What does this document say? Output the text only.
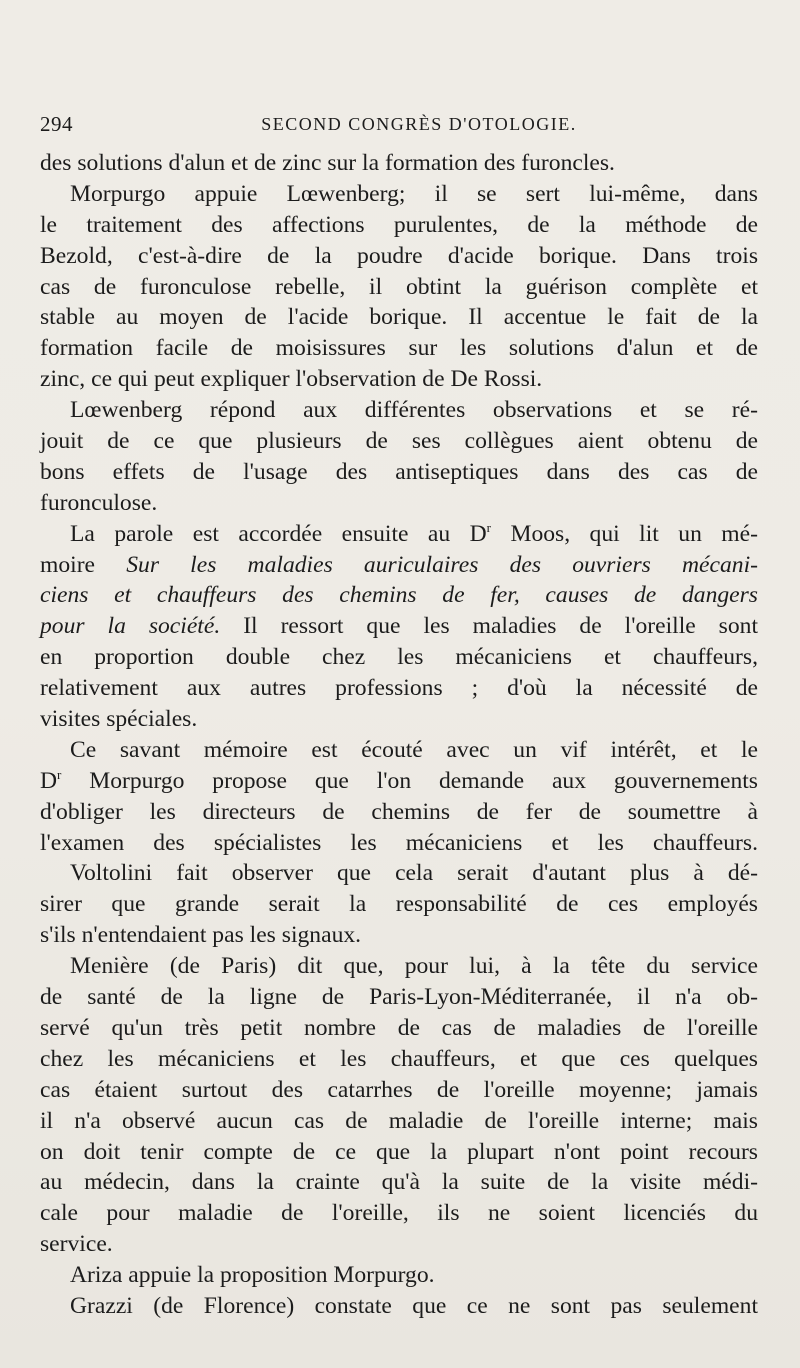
294	SECOND CONGRÈS D'OTOLOGIE.
des solutions d'alun et de zinc sur la formation des furoncles.
Morpurgo appuie Lœwenberg; il se sert lui-même, dans
le traitement des affections purulentes, de la méthode de
Bezold, c'est-à-dire de la poudre d'acide borique. Dans trois
cas de furonculose rebelle, il obtint la guérison complète et
stable au moyen de l'acide borique. Il accentue le fait de la
formation facile de moisissures sur les solutions d'alun et de
zinc, ce qui peut expliquer l'observation de De Rossi.
Lœwenberg répond aux différentes observations et se ré-
jouit de ce que plusieurs de ses collègues aient obtenu de
bons effets de l'usage des antiseptiques dans des cas de
furonculose.
La parole est accordée ensuite au $D^r$ Moos, qui lit un mé-
moire Sur les maladies auriculaires des ouvriers mécani-
ciens et chauffeurs des chemins de fer, causes de dangers
pour la société. Il ressort que les maladies de l'oreille sont
en proportion double chez les mécaniciens et chauffeurs,
relativement aux autres professions ; d'où la nécessité de
visites spéciales.
Ce savant mémoire est écouté avec un vif intérêt, et le
$D^r$ Morpurgo propose que l'on demande aux gouvernements
d'obliger les directeurs de chemins de fer de soumettre à
l'examen des spécialistes les mécaniciens et les chauffeurs.
Voltolini fait observer que cela serait d'autant plus à dé-
sirer que grande serait la responsabilité de ces employés
s'ils n'entendaient pas les signaux.
Menière (de Paris) dit que, pour lui, à la tête du service
de santé de la ligne de Paris-Lyon-Méditerranée, il n'a ob-
servé qu'un très petit nombre de cas de maladies de l'oreille
chez les mécaniciens et les chauffeurs, et que ces quelques
cas étaient surtout des catarrhes de l'oreille moyenne; jamais
il n'a observé aucun cas de maladie de l'oreille interne; mais
on doit tenir compte de ce que la plupart n'ont point recours
au médecin, dans la crainte qu'à la suite de la visite médi-
cale pour maladie de l'oreille, ils ne soient licenciés du
service.
Ariza appuie la proposition Morpurgo.
Grazzi (de Florence) constate que ce ne sont pas seulement
